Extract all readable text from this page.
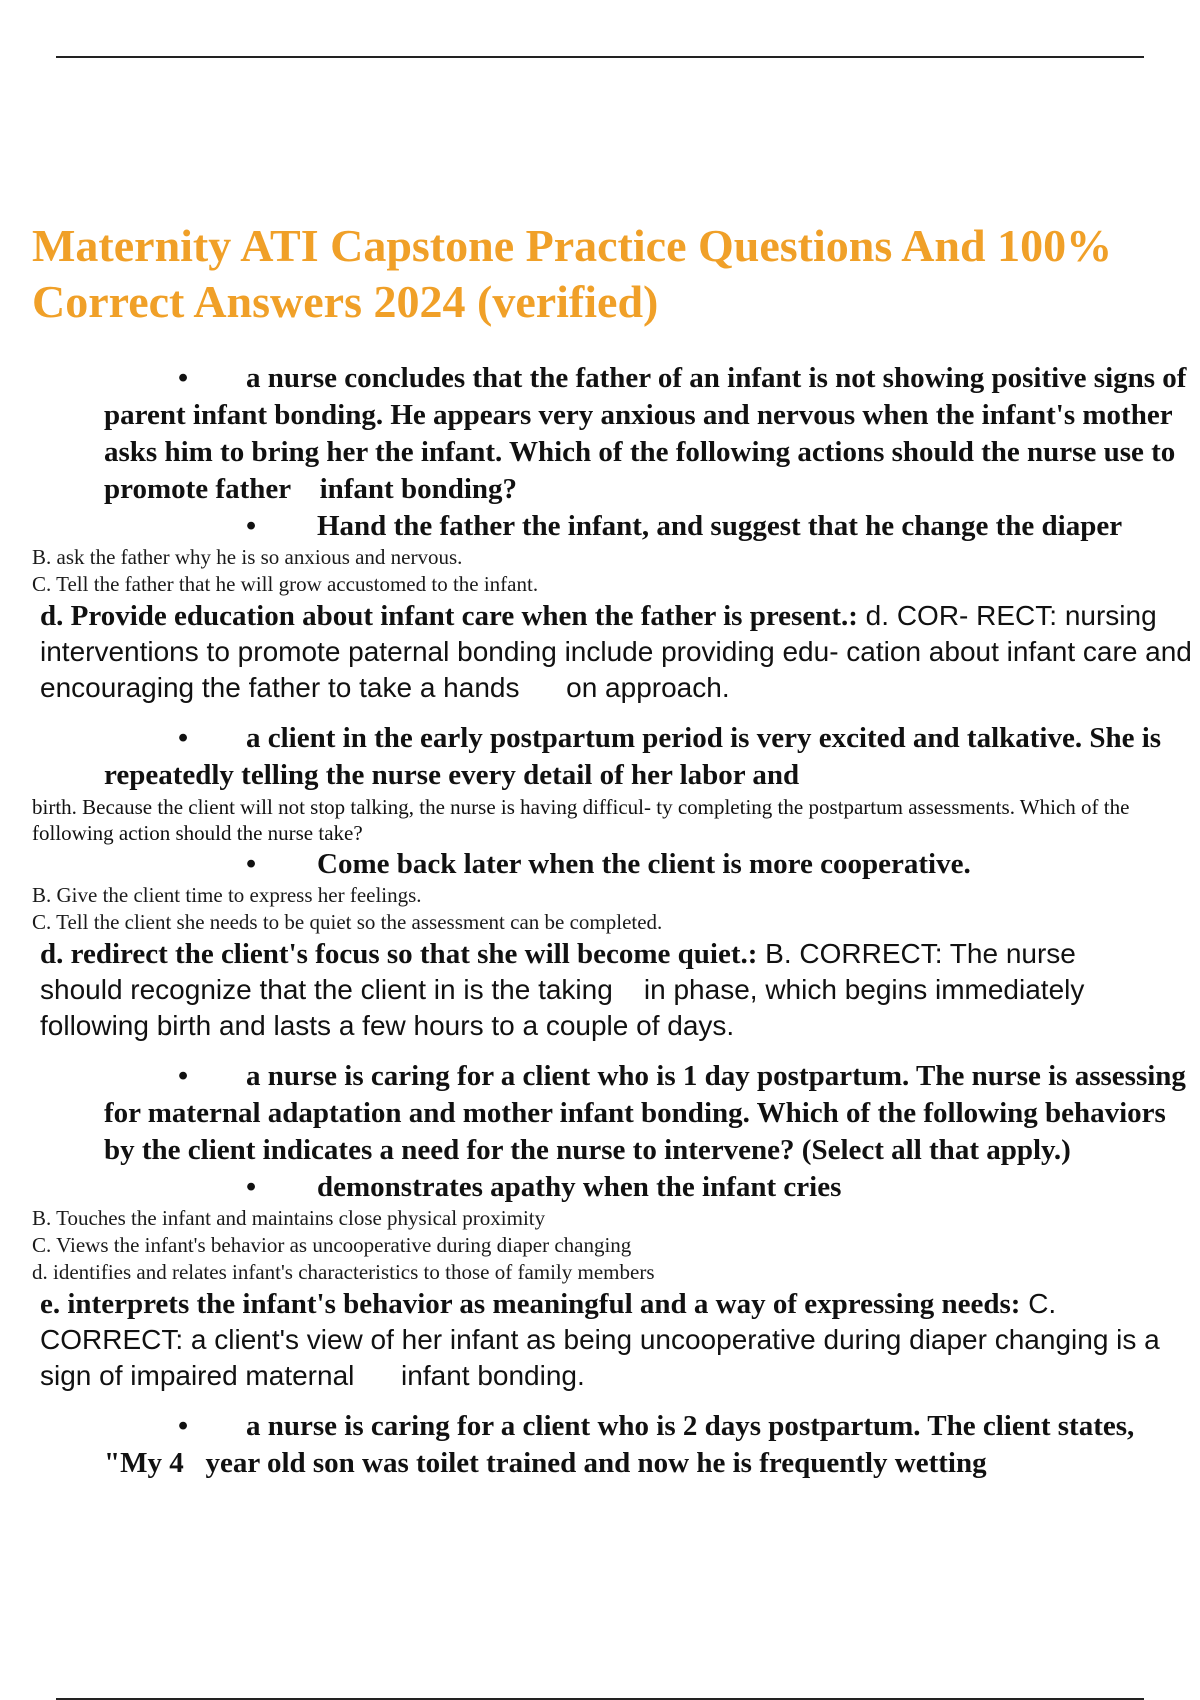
Maternity ATI Capstone Practice Questions And 100% Correct Answers 2024 (verified)
•	a nurse concludes that the father of an infant is not showing positive signs of parent infant bonding. He appears very anxious and nervous when the infant's mother asks him to bring her the infant. Which of the following actions should the nurse use to promote father    infant bonding?
•	Hand the father the infant, and suggest that he change the diaper
B. ask the father why he is so anxious and nervous.
C. Tell the father that he will grow accustomed to the infant.
d. Provide education about infant care when the father is present.: d. COR- RECT: nursing interventions to promote paternal bonding include providing edu- cation about infant care and encouraging the father to take a hands      on approach.
•	a client in the early postpartum period is very excited and talkative. She is repeatedly telling the nurse every detail of her labor and
birth. Because the client will not stop talking, the nurse is having difficul- ty completing the postpartum assessments. Which of the following action should the nurse take?
•	Come back later when the client is more cooperative.
B. Give the client time to express her feelings.
C. Tell the client she needs to be quiet so the assessment can be completed.
d. redirect the client's focus so that she will become quiet.: B. CORRECT: The nurse
should recognize that the client in is the taking    in phase, which begins immediately following birth and lasts a few hours to a couple of days.
•	a nurse is caring for a client who is 1 day postpartum. The nurse is assessing for maternal adaptation and mother infant bonding. Which of the following behaviors by the client indicates a need for the nurse to intervene? (Select all that apply.)
•	demonstrates apathy when the infant cries
B. Touches the infant and maintains close physical proximity
C. Views the infant's behavior as uncooperative during diaper changing
d. identifies and relates infant's characteristics to those of family members
e. interprets the infant's behavior as meaningful and a way of expressing needs: C. CORRECT: a client's view of her infant as being uncooperative during diaper changing is a sign of impaired maternal      infant bonding.
•	a nurse is caring for a client who is 2 days postpartum. The client states, "My 4   year old son was toilet trained and now he is frequently wetting
